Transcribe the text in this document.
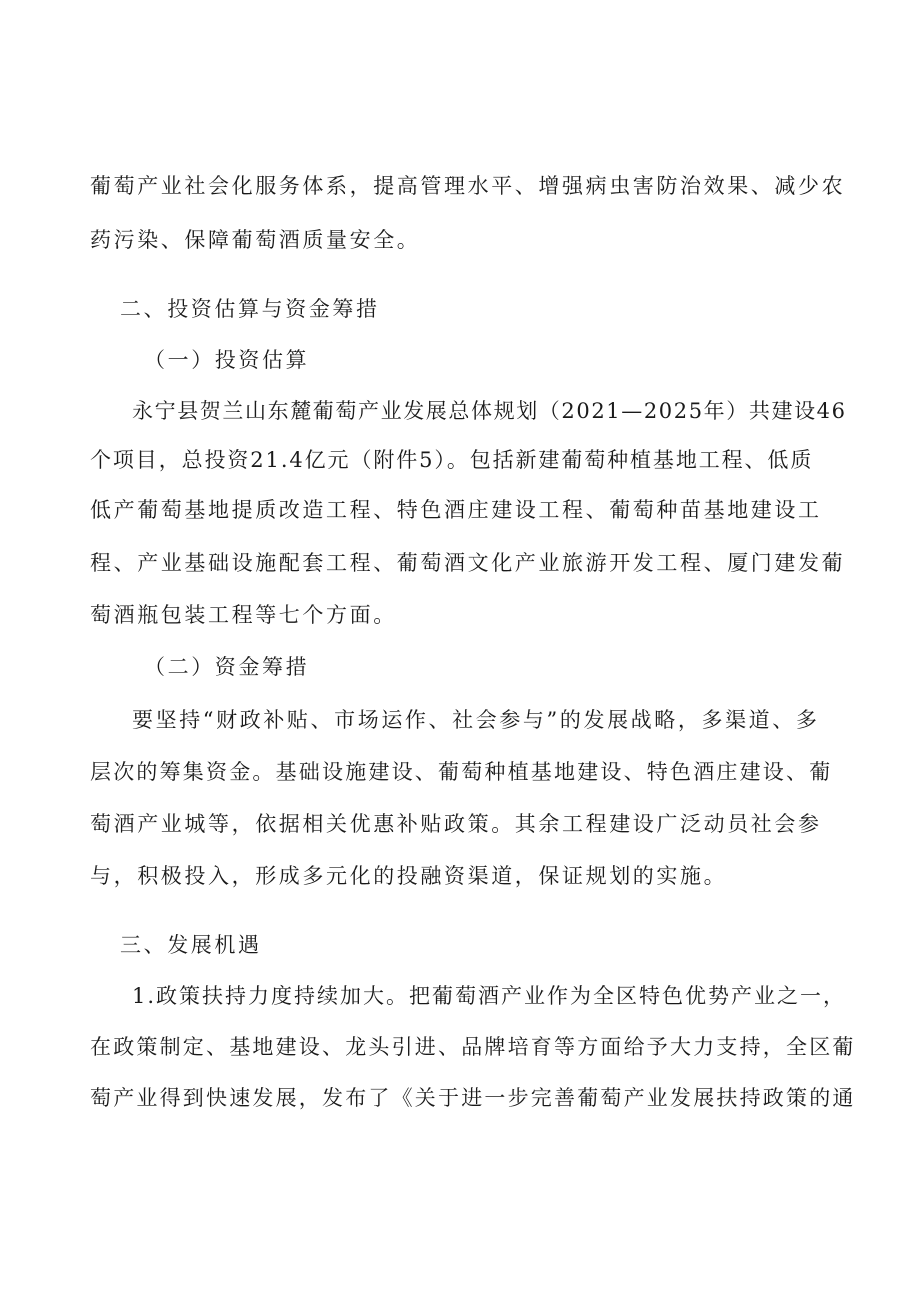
葡萄产业社会化服务体系，提高管理水平、增强病虫害防治效果、减少农
药污染、保障葡萄酒质量安全。
二、投资估算与资金筹措
（一）投资估算
永宁县贺兰山东麓葡萄产业发展总体规划（2021—2025年）共建设46
个项目，总投资21.4亿元（附件5）。包括新建葡萄种植基地工程、低质
低产葡萄基地提质改造工程、特色酒庄建设工程、葡萄种苗基地建设工
程、产业基础设施配套工程、葡萄酒文化产业旅游开发工程、厦门建发葡
萄酒瓶包装工程等七个方面。
（二）资金筹措
要坚持“财政补贴、市场运作、社会参与”的发展战略，多渠道、多
层次的筹集资金。基础设施建设、葡萄种植基地建设、特色酒庄建设、葡
萄酒产业城等，依据相关优惠补贴政策。其余工程建设广泛动员社会参
与，积极投入，形成多元化的投融资渠道，保证规划的实施。
三、发展机遇
1.政策扶持力度持续加大。把葡萄酒产业作为全区特色优势产业之一，
在政策制定、基地建设、龙头引进、品牌培育等方面给予大力支持，全区葡
萄产业得到快速发展，发布了《关于进一步完善葡萄产业发展扶持政策的通
